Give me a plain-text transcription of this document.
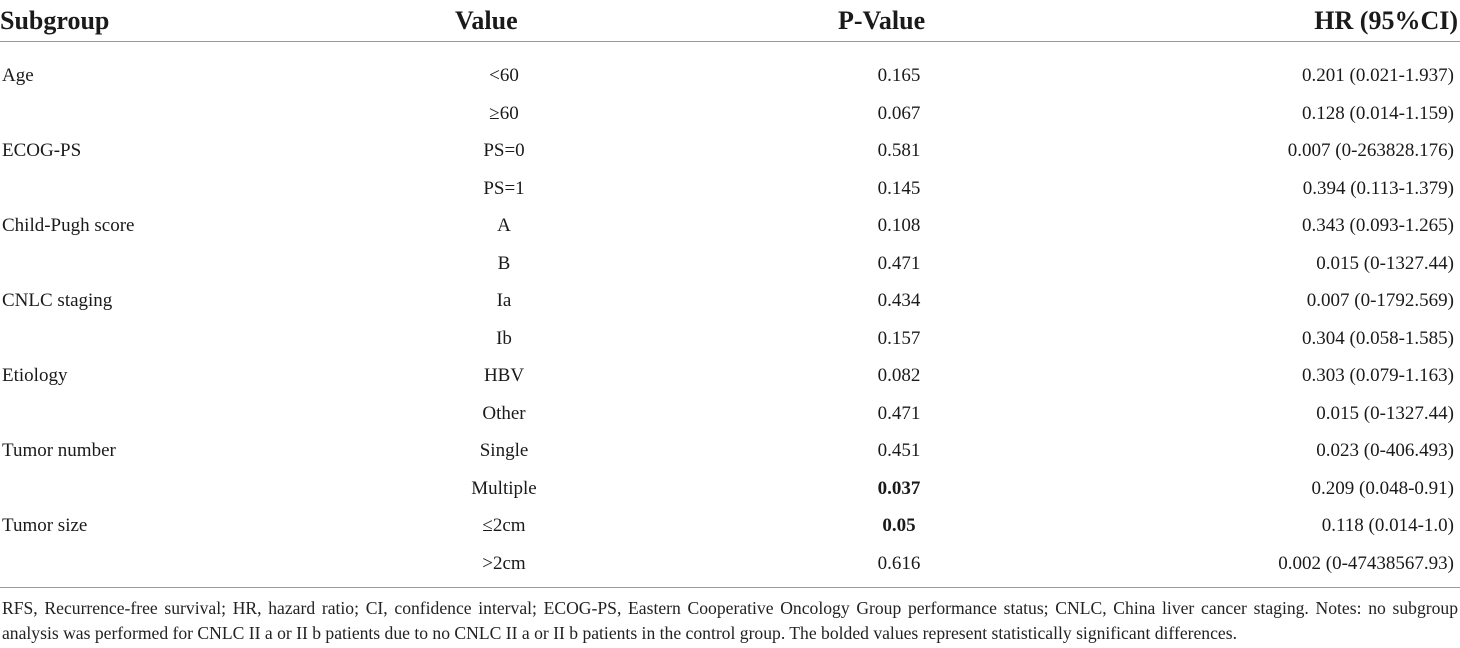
Subgroup	Value	P-Value	HR (95%CI)
Age	<60	0.165	0.201 (0.021-1.937)
	≥60	0.067	0.128 (0.014-1.159)
ECOG-PS	PS=0	0.581	0.007 (0-263828.176)
	PS=1	0.145	0.394 (0.113-1.379)
Child-Pugh score	A	0.108	0.343 (0.093-1.265)
	B	0.471	0.015 (0-1327.44)
CNLC staging	Ia	0.434	0.007 (0-1792.569)
	Ib	0.157	0.304 (0.058-1.585)
Etiology	HBV	0.082	0.303 (0.079-1.163)
	Other	0.471	0.015 (0-1327.44)
Tumor number	Single	0.451	0.023 (0-406.493)
	Multiple	0.037	0.209 (0.048-0.91)
Tumor size	≤2cm	0.05	0.118 (0.014-1.0)
	>2cm	0.616	0.002 (0-47438567.93)

RFS, Recurrence-free survival; HR, hazard ratio; CI, confidence interval; ECOG-PS, Eastern Cooperative Oncology Group performance status; CNLC, China liver cancer staging. Notes: no subgroup analysis was performed for CNLC II a or II b patients due to no CNLC II a or II b patients in the control group. The bolded values represent statistically significant differences.
